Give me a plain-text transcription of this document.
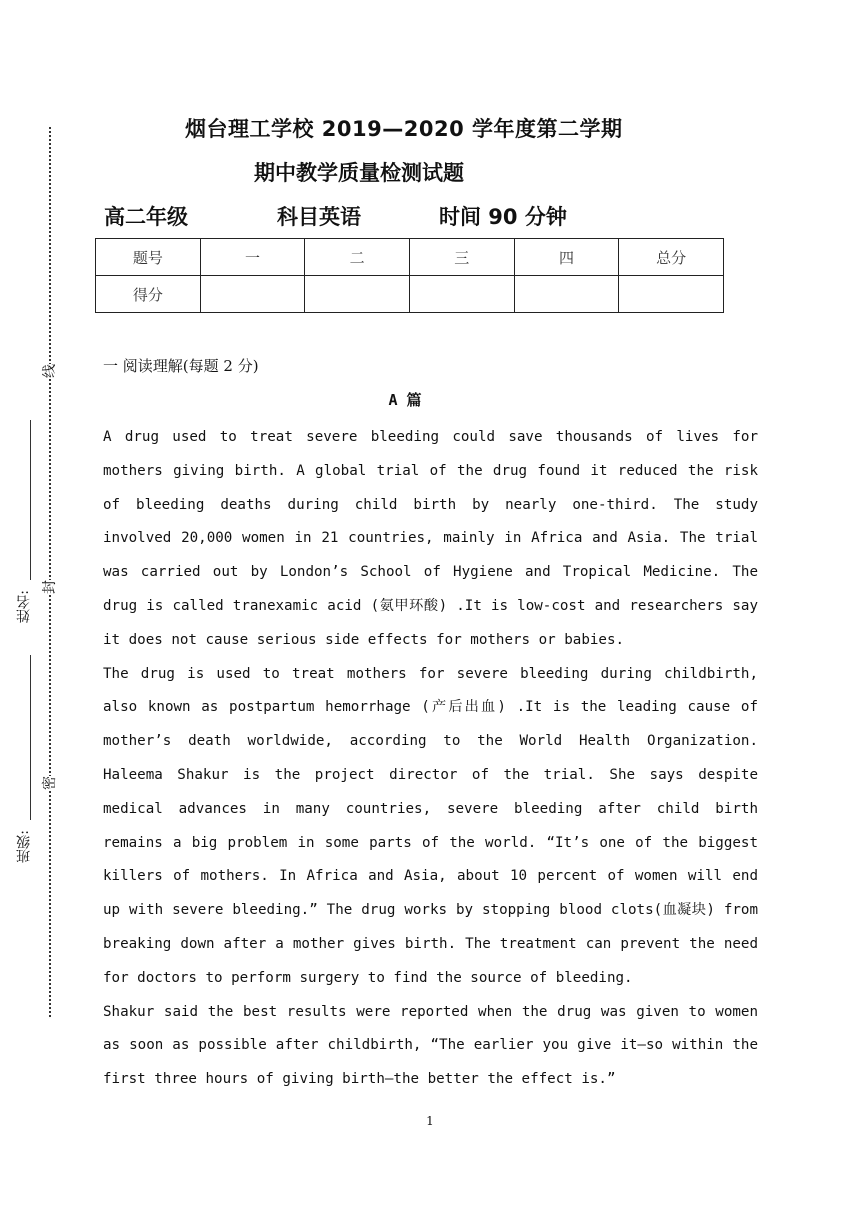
线
封
密
姓名:
班级:
烟台理工学校 2019—2020 学年度第二学期
期中教学质量检测试题
高二年级	科目英语	时间 90 分钟
题号	一	二	三	四	总分
得分					
一 阅读理解(每题 2 分)
A 篇

A drug used to treat severe bleeding could save thousands of lives for mothers giving birth. A global trial of the drug found it reduced the risk of bleeding deaths during child birth by nearly one-third. The study involved 20,000 women in 21 countries, mainly in Africa and Asia. The trial was carried out by London’s School of Hygiene and Tropical Medicine. The drug is called tranexamic acid (氨甲环酸) .It is low-cost and researchers say it does not cause serious side effects for mothers or babies.

The drug is used to treat mothers for severe bleeding during childbirth, also known as postpartum hemorrhage (产后出血) .It is the leading cause of mother’s death worldwide, according to the World Health Organization. Haleema Shakur is the project director of the trial. She says despite medical advances in many countries, severe bleeding after child birth remains a big problem in some parts of the world. “It’s one of the biggest killers of mothers. In Africa and Asia, about 10 percent of women will end up with severe bleeding.” The drug works by stopping blood clots(血凝块) from breaking down after a mother gives birth. The treatment can prevent the need for doctors to perform surgery to find the source of bleeding.

Shakur said the best results were reported when the drug was given to women as soon as possible after childbirth, “The earlier you give it—so within the first three hours of giving birth—the better the effect is.”

1
